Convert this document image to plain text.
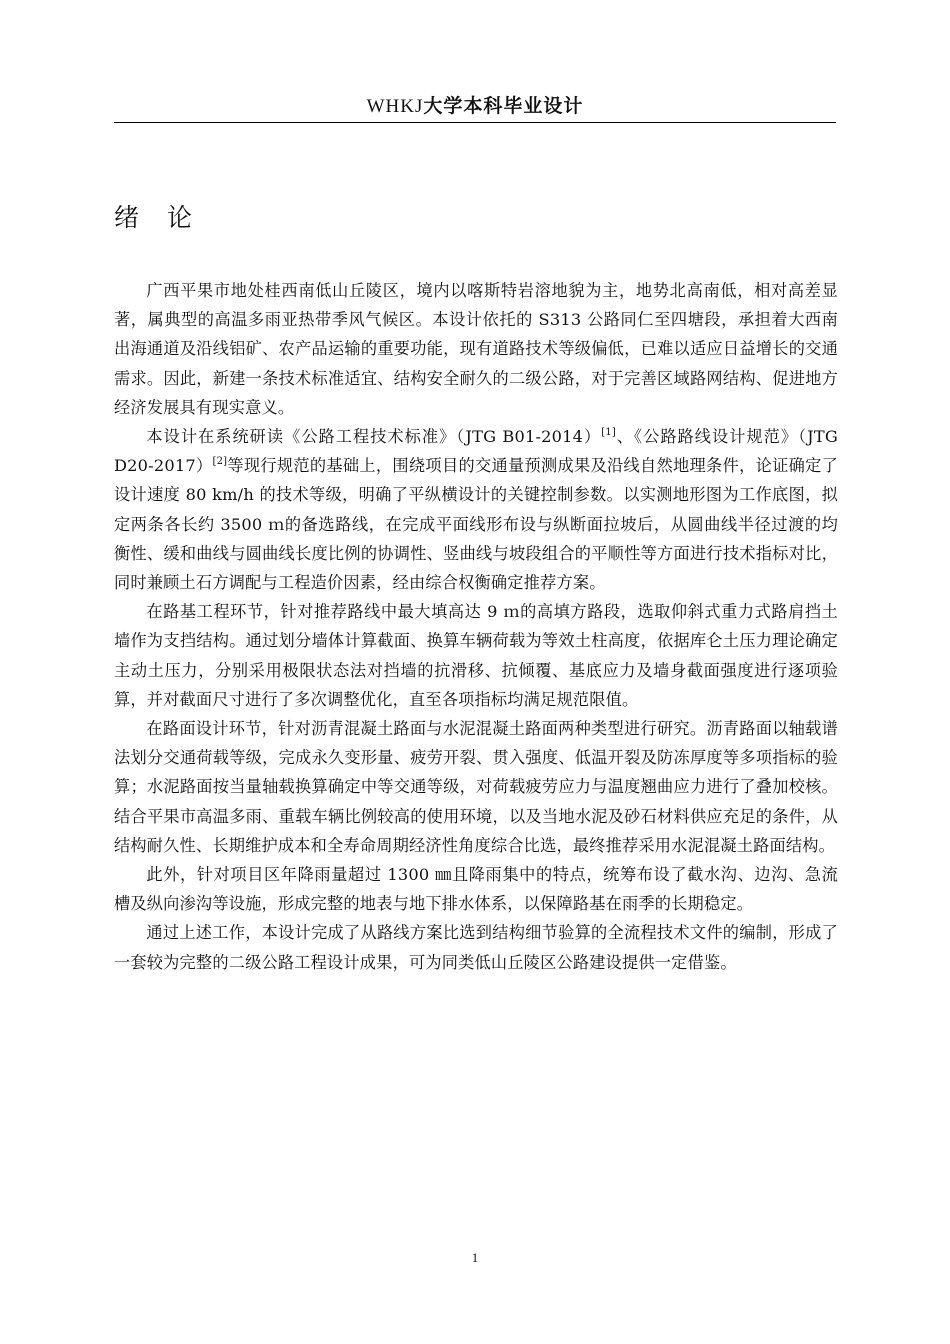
WHKJ大学本科毕业设计
绪 论

广西平果市地处桂西南低山丘陵区，境内以喀斯特岩溶地貌为主，地势北高南低，相对高差显著，属典型的高温多雨亚热带季风气候区。本设计依托的 S313 公路同仁至四塘段，承担着大西南出海通道及沿线铝矿、农产品运输的重要功能，现有道路技术等级偏低，已难以适应日益增长的交通需求。因此，新建一条技术标准适宜、结构安全耐久的二级公路，对于完善区域路网结构、促进地方经济发展具有现实意义。

本设计在系统研读《公路工程技术标准》（JTG B01-2014）[1]、《公路路线设计规范》（JTG D20-2017）[2]等现行规范的基础上，围绕项目的交通量预测成果及沿线自然地理条件，论证确定了设计速度 80 km/h 的技术等级，明确了平纵横设计的关键控制参数。以实测地形图为工作底图，拟定两条各长约 3500 ｍ的备选路线，在完成平面线形布设与纵断面拉坡后，从圆曲线半径过渡的均衡性、缓和曲线与圆曲线长度比例的协调性、竖曲线与坡段组合的平顺性等方面进行技术指标对比，同时兼顾土石方调配与工程造价因素，经由综合权衡确定推荐方案。

在路基工程环节，针对推荐路线中最大填高达 9 ｍ的高填方路段，选取仰斜式重力式路肩挡土墙作为支挡结构。通过划分墙体计算截面、换算车辆荷载为等效土柱高度，依据库仑土压力理论确定主动土压力，分别采用极限状态法对挡墙的抗滑移、抗倾覆、基底应力及墙身截面强度进行逐项验算，并对截面尺寸进行了多次调整优化，直至各项指标均满足规范限值。

在路面设计环节，针对沥青混凝土路面与水泥混凝土路面两种类型进行研究。沥青路面以轴载谱法划分交通荷载等级，完成永久变形量、疲劳开裂、贯入强度、低温开裂及防冻厚度等多项指标的验算；水泥路面按当量轴载换算确定中等交通等级，对荷载疲劳应力与温度翘曲应力进行了叠加校核。结合平果市高温多雨、重载车辆比例较高的使用环境，以及当地水泥及砂石材料供应充足的条件，从结构耐久性、长期维护成本和全寿命周期经济性角度综合比选，最终推荐采用水泥混凝土路面结构。

此外，针对项目区年降雨量超过 1300 ㎜且降雨集中的特点，统筹布设了截水沟、边沟、急流槽及纵向渗沟等设施，形成完整的地表与地下排水体系，以保障路基在雨季的长期稳定。

通过上述工作，本设计完成了从路线方案比选到结构细节验算的全流程技术文件的编制，形成了一套较为完整的二级公路工程设计成果，可为同类低山丘陵区公路建设提供一定借鉴。

1
